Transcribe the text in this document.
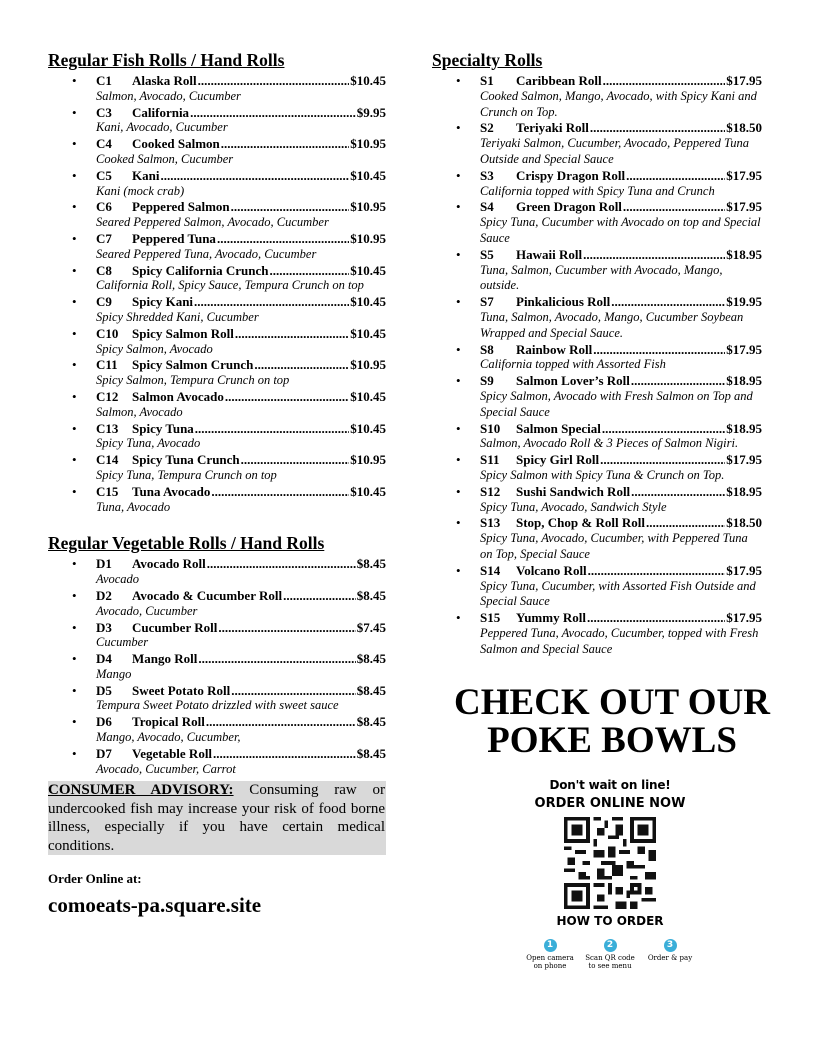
Regular Fish Rolls / Hand Rolls
• C1	Alaska Roll .....	$10.45
Salmon, Avocado, Cucumber
• C3	California .....	$9.95
Kani, Avocado, Cucumber
• C4	Cooked Salmon .....	$10.95
Cooked Salmon, Cucumber
• C5	Kani .....	$10.45
Kani (mock crab)
• C6	Peppered Salmon .....	$10.95
Seared Peppered Salmon, Avocado, Cucumber
• C7	Peppered Tuna .....	$10.95
Seared Peppered Tuna, Avocado, Cucumber
• C8	Spicy California Crunch .....	$10.45
California Roll, Spicy Sauce, Tempura Crunch on top
• C9	Spicy Kani .....	$10.45
Spicy Shredded Kani, Cucumber
• C10	Spicy Salmon Roll .....	$10.45
Spicy Salmon, Avocado
• C11	Spicy Salmon Crunch .....	$10.95
Spicy Salmon, Tempura Crunch on top
• C12	Salmon Avocado .....	$10.45
Salmon, Avocado
• C13	Spicy Tuna .....	$10.45
Spicy Tuna, Avocado
• C14	Spicy Tuna Crunch .....	$10.95
Spicy Tuna, Tempura Crunch on top
• C15	Tuna Avocado .....	$10.45
Tuna, Avocado
Regular Vegetable Rolls / Hand Rolls
• D1	Avocado Roll .....	$8.45
Avocado
• D2	Avocado & Cucumber Roll .....	$8.45
Avocado, Cucumber
• D3	Cucumber Roll .....	$7.45
Cucumber
• D4	Mango Roll .....	$8.45
Mango
• D5	Sweet Potato Roll .....	$8.45
Tempura Sweet Potato drizzled with sweet sauce
• D6	Tropical Roll .....	$8.45
Mango, Avocado, Cucumber,
• D7	Vegetable Roll .....	$8.45
Avocado, Cucumber, Carrot
CONSUMER ADVISORY: Consuming raw or undercooked fish may increase your risk of food borne illness, especially if you have certain medical conditions.
Order Online at:
comoeats-pa.square.site
Specialty Rolls
• S1	Caribbean Roll .....	$17.95
Cooked Salmon, Mango, Avocado, with Spicy Kani and Crunch on Top.
• S2	Teriyaki Roll .....	$18.50
Teriyaki Salmon, Cucumber, Avocado, Peppered Tuna Outside and Special Sauce
• S3	Crispy Dragon Roll .....	$17.95
California topped with Spicy Tuna and Crunch
• S4	Green Dragon Roll .....	$17.95
Spicy Tuna, Cucumber with Avocado on top and Special Sauce
• S5	Hawaii Roll .....	$18.95
Tuna, Salmon, Cucumber with Avocado, Mango, outside.
• S7	Pinkalicious Roll .....	$19.95
Tuna, Salmon, Avocado, Mango, Cucumber Soybean Wrapped and Special Sauce.
• S8	Rainbow Roll .....	$17.95
California topped with Assorted Fish
• S9	Salmon Lover’s Roll .....	$18.95
Spicy Salmon, Avocado with Fresh Salmon on Top and Special Sauce
• S10	Salmon Special .....	$18.95
Salmon, Avocado Roll & 3 Pieces of Salmon Nigiri.
• S11	Spicy Girl Roll .....	$17.95
Spicy Salmon with Spicy Tuna & Crunch on Top.
• S12	Sushi Sandwich Roll .....	$18.95
Spicy Tuna, Avocado, Sandwich Style
• S13	Stop, Chop & Roll Roll .....	$18.50
Spicy Tuna, Avocado, Cucumber, with Peppered Tuna on Top, Special Sauce
• S14	Volcano Roll .....	$17.95
Spicy Tuna, Cucumber, with Assorted Fish Outside and Special Sauce
• S15	Yummy Roll .....	$17.95
Peppered Tuna, Avocado, Cucumber, topped with Fresh Salmon and Special Sauce
CHECK OUT OUR
POKE BOWLS
Don't wait on line!
ORDER ONLINE NOW
HOW TO ORDER
1
Open camera on phone
2
Scan QR code to see menu
3
Order & pay
